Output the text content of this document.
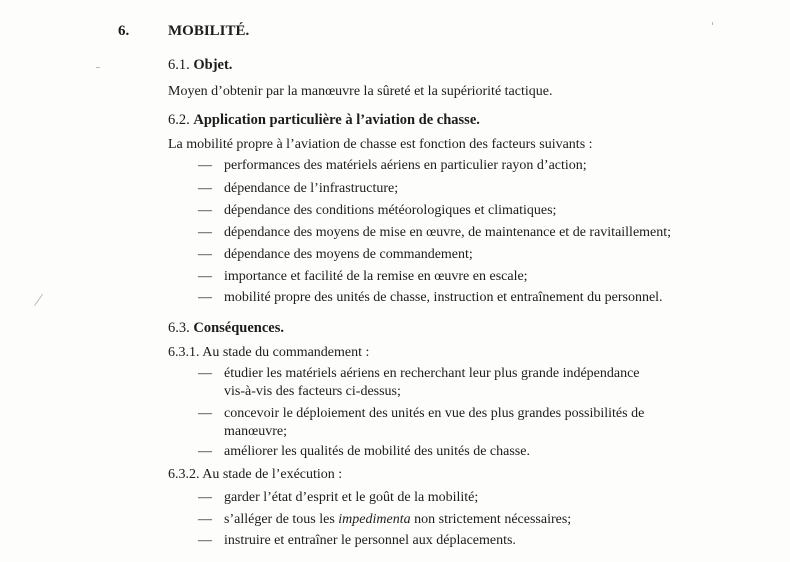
6.	MOBILITÉ.
6.1. Objet.
Moyen d’obtenir par la manœuvre la sûreté et la supériorité tactique.
6.2. Application particulière à l’aviation de chasse.
La mobilité propre à l’aviation de chasse est fonction des facteurs suivants :
— performances des matériels aériens en particulier rayon d’action;
— dépendance de l’infrastructure;
— dépendance des conditions météorologiques et climatiques;
— dépendance des moyens de mise en œuvre, de maintenance et de ravitaillement;
— dépendance des moyens de commandement;
— importance et facilité de la remise en œuvre en escale;
— mobilité propre des unités de chasse, instruction et entraînement du personnel.
6.3. Conséquences.
6.3.1. Au stade du commandement :
— étudier les matériels aériens en recherchant leur plus grande indépendance
vis-à-vis des facteurs ci-dessus;
— concevoir le déploiement des unités en vue des plus grandes possibilités de
manœuvre;
— améliorer les qualités de mobilité des unités de chasse.
6.3.2. Au stade de l’exécution :
— garder l’état d’esprit et le goût de la mobilité;
— s’alléger de tous les impedimenta non strictement nécessaires;
— instruire et entraîner le personnel aux déplacements.
